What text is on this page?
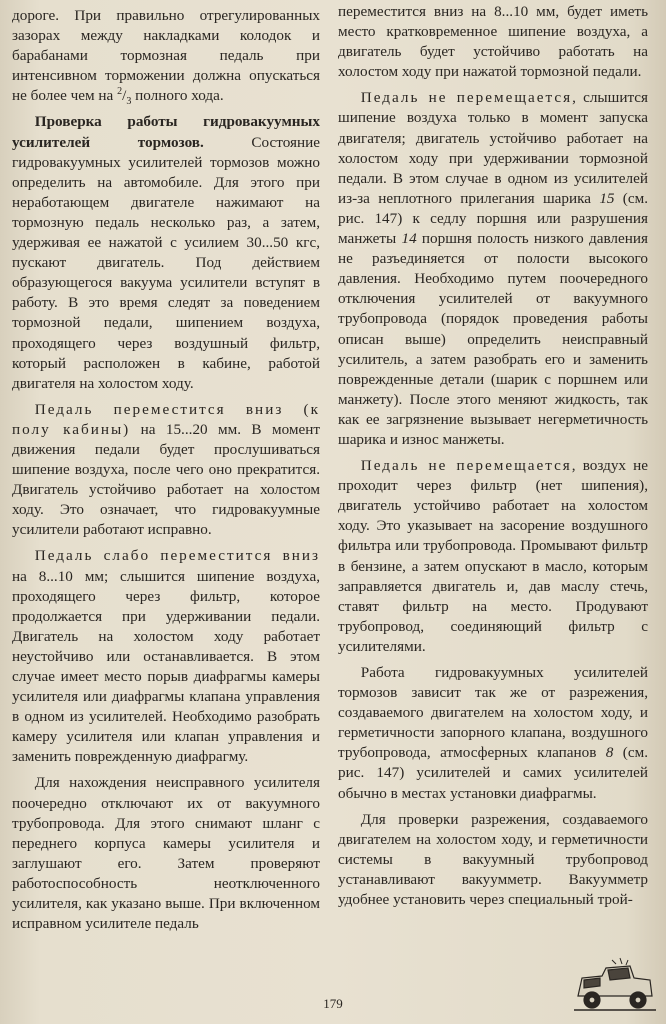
дороге. При правильно отрегулированных зазорах между накладками колодок и барабанами тормозная педаль при интенсивном торможении должна опускаться не более чем на $^2/_3$ полного хода.

Проверка работы гидровакуумных усилителей тормозов. Состояние гидровакуумных усилителей тормозов можно определить на автомобиле. Для этого при неработающем двигателе нажимают на тормозную педаль несколько раз, а затем, удерживая ее нажатой с усилием 30...50 кгс, пускают двигатель. Под действием образующегося вакуума усилители вступят в работу. В это время следят за поведением тормозной педали, шипением воздуха, проходящего через воздушный фильтр, который расположен в кабине, работой двигателя на холостом ходу.

Педаль переместится вниз (к полу кабины) на 15...20 мм. В момент движения педали будет прослушиваться шипение воздуха, после чего оно прекратится. Двигатель устойчиво работает на холостом ходу. Это означает, что гидровакуумные усилители работают исправно.

Педаль слабо переместится вниз на 8...10 мм; слышится шипение воздуха, проходящего через фильтр, которое продолжается при удерживании педали. Двигатель на холостом ходу работает неустойчиво или останавливается. В этом случае имеет место порыв диафрагмы камеры усилителя или диафрагмы клапана управления в одном из усилителей. Необходимо разобрать камеру усилителя или клапан управления и заменить поврежденную диафрагму.

Для нахождения неисправного усилителя поочередно отключают их от вакуумного трубопровода. Для этого снимают шланг с переднего корпуса камеры усилителя и заглушают его. Затем проверяют работоспособность неотключенного усилителя, как указано выше. При включенном исправном усилителе педаль

переместится вниз на 8...10 мм, будет иметь место кратковременное шипение воздуха, а двигатель будет устойчиво работать на холостом ходу при нажатой тормозной педали.

Педаль не перемещается, слышится шипение воздуха только в момент запуска двигателя; двигатель устойчиво работает на холостом ходу при удерживании тормозной педали. В этом случае в одном из усилителей из-за неплотного прилегания шарика 15 (см. рис. 147) к седлу поршня или разрушения манжеты 14 поршня полость низкого давления не разъединяется от полости высокого давления. Необходимо путем поочередного отключения усилителей от вакуумного трубопровода (порядок проведения работы описан выше) определить неисправный усилитель, а затем разобрать его и заменить поврежденные детали (шарик с поршнем или манжету). После этого меняют жидкость, так как ее загрязнение вызывает негерметичность шарика и износ манжеты.

Педаль не перемещается, воздух не проходит через фильтр (нет шипения), двигатель устойчиво работает на холостом ходу. Это указывает на засорение воздушного фильтра или трубопровода. Промывают фильтр в бензине, а затем опускают в масло, которым заправляется двигатель и, дав маслу стечь, ставят фильтр на место. Продувают трубопровод, соединяющий фильтр с усилителями.

Работа гидровакуумных усилителей тормозов зависит так же от разрежения, создаваемого двигателем на холостом ходу, и герметичности запорного клапана, воздушного трубопровода, атмосферных клапанов 8 (см. рис. 147) усилителей и самих усилителей обычно в местах установки диафрагмы.

Для проверки разрежения, создаваемого двигателем на холостом ходу, и герметичности системы в вакуумный трубопровод устанавливают вакуумметр. Вакуумметр удобнее установить через специальный трой-

179
